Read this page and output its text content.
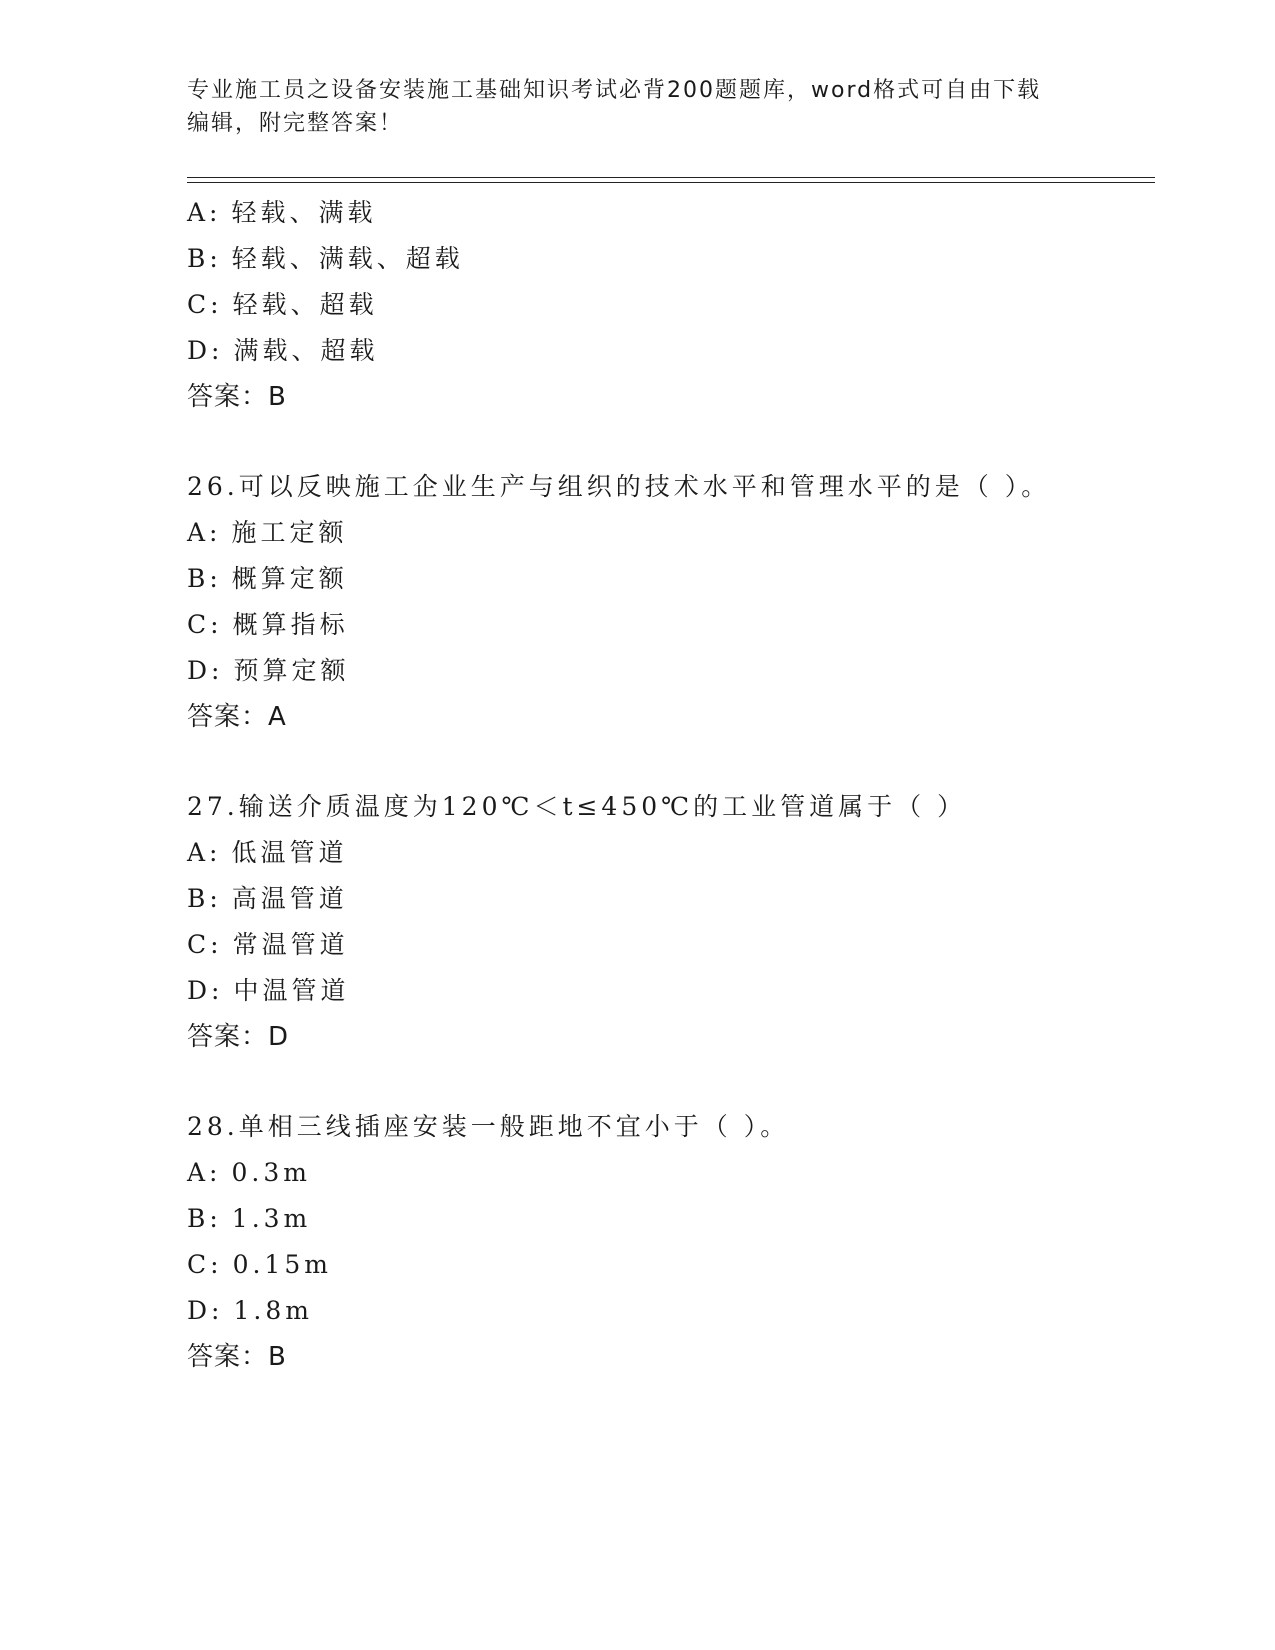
专业施工员之设备安装施工基础知识考试必背200题题库，word格式可自由下载
编辑，附完整答案！
A: 轻载、满载
B: 轻载、满载、超载
C: 轻载、超载
D: 满载、超载
答案：B
26.可以反映施工企业生产与组织的技术水平和管理水平的是（ ）。
A: 施工定额
B: 概算定额
C: 概算指标
D: 预算定额
答案：A
27.输送介质温度为120℃＜t≤450℃的工业管道属于（ ）
A: 低温管道
B: 高温管道
C: 常温管道
D: 中温管道
答案：D
28.单相三线插座安装一般距地不宜小于（ ）。
A: 0.3m
B: 1.3m
C: 0.15m
D: 1.8m
答案：B
